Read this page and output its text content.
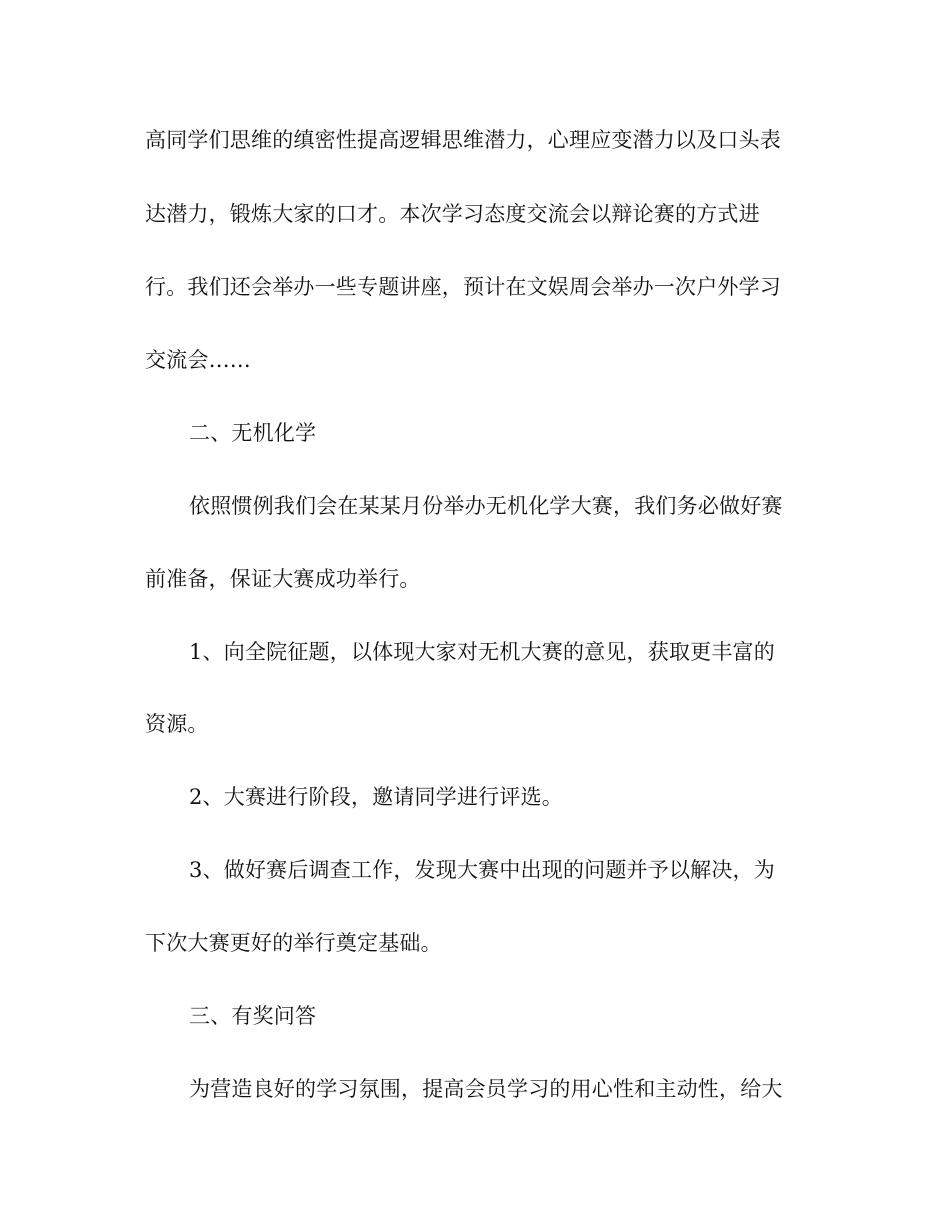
高同学们思维的缜密性提高逻辑思维潜力，心理应变潜力以及口头表
达潜力，锻炼大家的口才。本次学习态度交流会以辩论赛的方式进
行。我们还会举办一些专题讲座，预计在文娱周会举办一次户外学习
交流会……
二、无机化学
依照惯例我们会在某某月份举办无机化学大赛，我们务必做好赛
前准备，保证大赛成功举行。
1、向全院征题，以体现大家对无机大赛的意见，获取更丰富的
资源。
2、大赛进行阶段，邀请同学进行评选。
3、做好赛后调查工作，发现大赛中出现的问题并予以解决，为
下次大赛更好的举行奠定基础。
三、有奖问答
为营造良好的学习氛围，提高会员学习的用心性和主动性，给大
